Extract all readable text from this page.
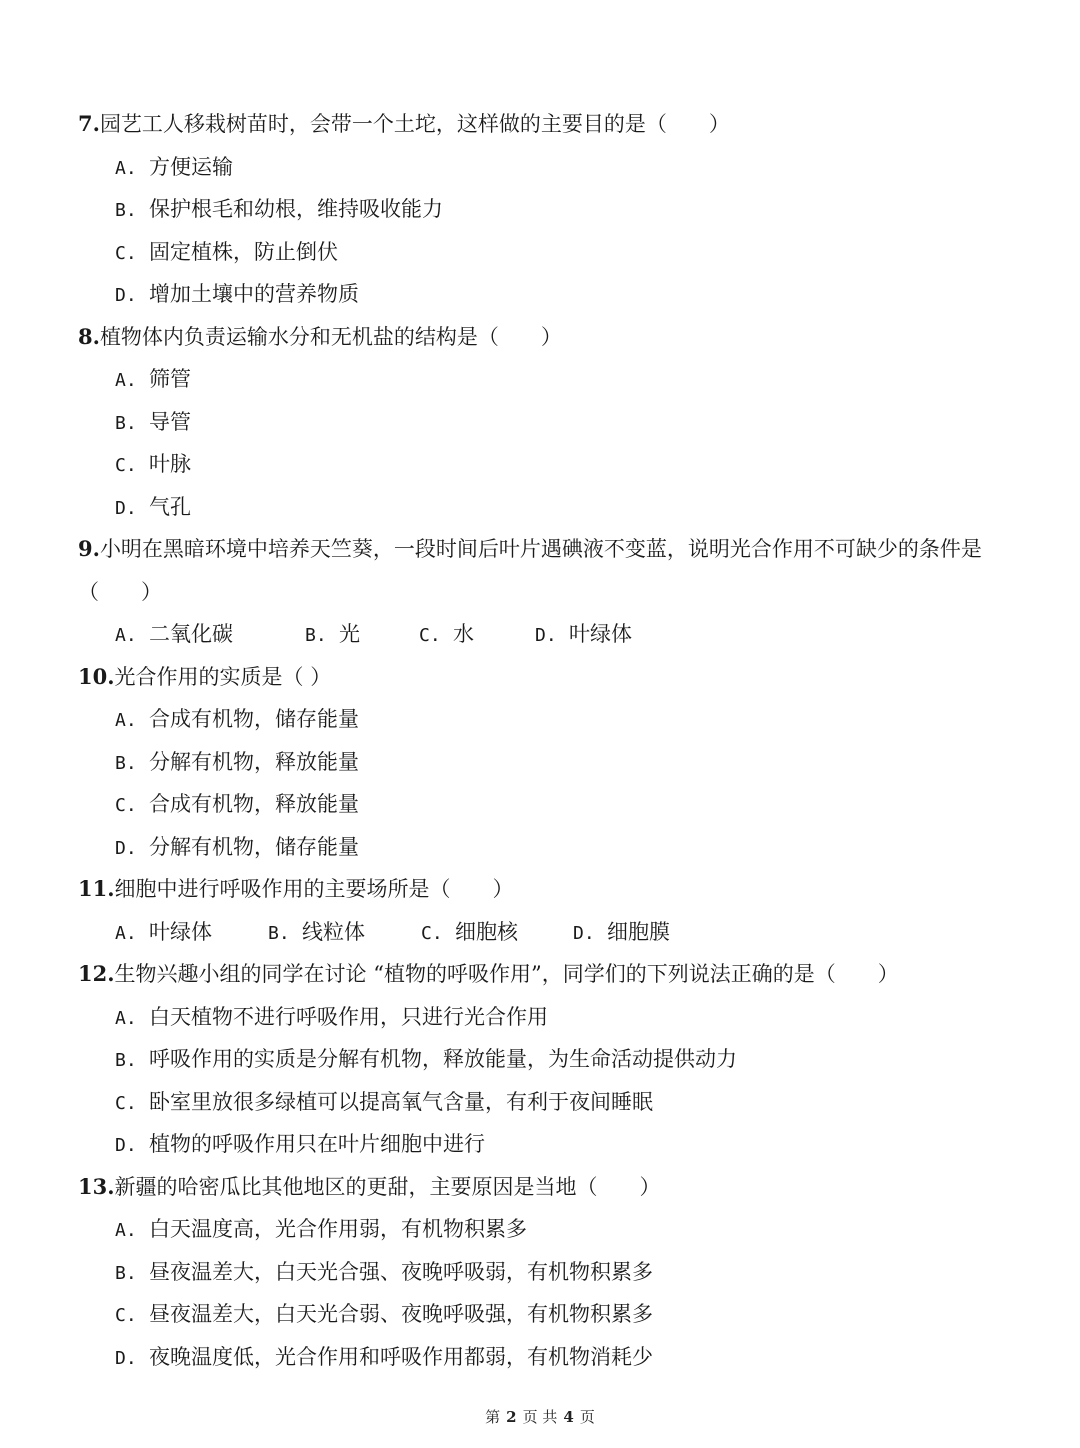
7.园艺工人移栽树苗时，会带一个土坨，这样做的主要目的是（　　）
A. 方便运输
B. 保护根毛和幼根，维持吸收能力
C. 固定植株，防止倒伏
D. 增加土壤中的营养物质
8.植物体内负责运输水分和无机盐的结构是（　　）
A. 筛管
B. 导管
C. 叶脉
D. 气孔
9.小明在黑暗环境中培养天竺葵，一段时间后叶片遇碘液不变蓝，说明光合作用不可缺少的条件是
（　　）
A. 二氧化碳	B. 光	C. 水	D. 叶绿体
10.光合作用的实质是（ ）
A. 合成有机物，储存能量
B. 分解有机物，释放能量
C. 合成有机物，释放能量
D. 分解有机物，储存能量
11.细胞中进行呼吸作用的主要场所是（　　）
A. 叶绿体	B. 线粒体	C. 细胞核	D. 细胞膜
12.生物兴趣小组的同学在讨论 “植物的呼吸作用”，同学们的下列说法正确的是（　　）
A. 白天植物不进行呼吸作用，只进行光合作用
B. 呼吸作用的实质是分解有机物，释放能量，为生命活动提供动力
C. 卧室里放很多绿植可以提高氧气含量，有利于夜间睡眠
D. 植物的呼吸作用只在叶片细胞中进行
13.新疆的哈密瓜比其他地区的更甜，主要原因是当地（　　）
A. 白天温度高，光合作用弱，有机物积累多
B. 昼夜温差大，白天光合强、夜晚呼吸弱，有机物积累多
C. 昼夜温差大，白天光合弱、夜晚呼吸强，有机物积累多
D. 夜晚温度低，光合作用和呼吸作用都弱，有机物消耗少
第 2 页 共 4 页
